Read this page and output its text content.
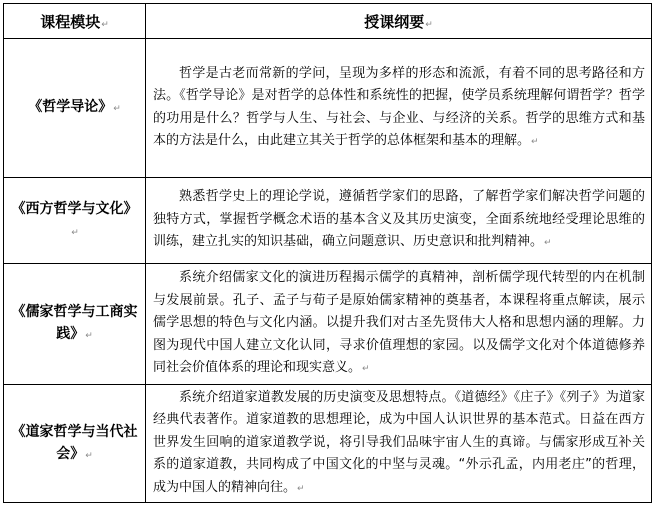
课程模块↵	授课纲要↵
《哲学导论》↵	哲学是古老而常新的学问，呈现为多样的形态和流派，有着不同的思考路径和方法。《哲学导论》是对哲学的总体性和系统性的把握，使学员系统理解何谓哲学？哲学的功用是什么？哲学与人生、与社会、与企业、与经济的关系。哲学的思维方式和基本的方法是什么，由此建立其关于哲学的总体框架和基本的理解。↵

《西方哲学与文化》↵	熟悉哲学史上的理论学说，遵循哲学家们的思路，了解哲学家们解决哲学问题的独特方式，掌握哲学概念术语的基本含义及其历史演变，全面系统地经受理论思维的训练，建立扎实的知识基础，确立问题意识、历史意识和批判精神。↵

《儒家哲学与工商实践》↵	系统介绍儒家文化的演进历程揭示儒学的真精神，剖析儒学现代转型的内在机制与发展前景。孔子、孟子与荀子是原始儒家精神的奠基者，本课程将重点解读，展示儒学思想的特色与文化内涵。以提升我们对古圣先贤伟大人格和思想内涵的理解。力图为现代中国人建立文化认同，寻求价值理想的家园。以及儒学文化对个体道德修养同社会价值体系的理论和现实意义。↵

《道家哲学与当代社会》↵	系统介绍道家道教发展的历史演变及思想特点。《道德经》《庄子》《列子》为道家经典代表著作。道家道教的思想理论，成为中国人认识世界的基本范式。日益在西方世界发生回响的道家道教学说，将引导我们品味宇宙人生的真谛。与儒家形成互补关系的道家道教，共同构成了中国文化的中坚与灵魂。“外示孔孟，内用老庄”的哲理，成为中国人的精神向往。↵
